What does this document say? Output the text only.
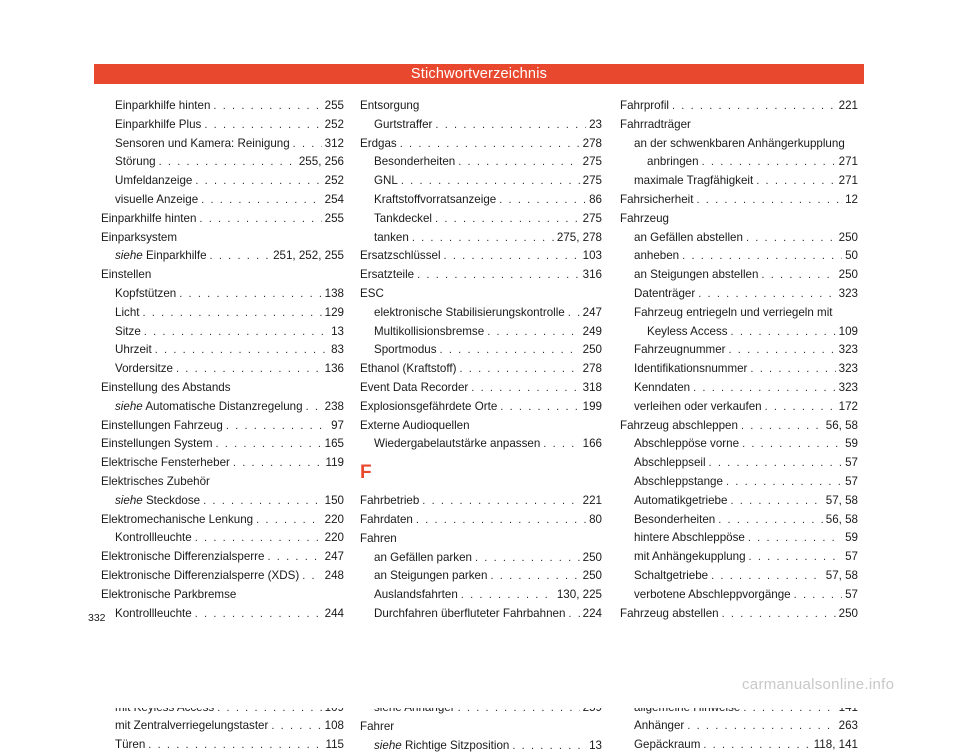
Stichwortverzeichnis
Einparkhilfe hinten . . .	255
Einparkhilfe Plus . . .	252
Sensoren und Kamera: Reinigung . . .	312
Störung . . .	255, 256
Umfeldanzeige . . .	252
visuelle Anzeige . . .	254
Einparkhilfe hinten . . .	255
Einparksystem
siehe Einparkhilfe . . .	251, 252, 255
Einstellen
Kopfstützen . . .	138
Licht . . .	129
Sitze . . .	13
Uhrzeit . . .	83
Vordersitze . . .	136
Einstellung des Abstands
siehe Automatische Distanzregelung . . . 238
Einstellungen Fahrzeug . . .	97
Einstellungen System . . .	165
Elektrische Fensterheber . . .	119
Elektrisches Zubehör
siehe Steckdose . . .	150
Elektromechanische Lenkung . . .	220
Kontrollleuchte . . .	220
Elektronische Differenzialsperre . . .	247
Elektronische Differenzialsperre (XDS) . . . 248
Elektronische Parkbremse
Kontrollleuchte . . .	244
. . .
. . .
. . .
. . .
mit Zentralverriegelungstaster . . .	108
Türen . . .	115
Entsorgung
Gurtstraffer . . .	23
Erdgas . . .	278
Besonderheiten . . .	275
GNL . . .	275
Kraftstoffvorratsanzeige . . .	86
Tankdeckel . . .	275
tanken . . .	275, 278
Ersatzschlüssel . . .	103
Ersatzteile . . .	316
ESC
elektronische Stabilisierungskontrolle . . . 247
Multikollisionsbremse . . .	249
Sportmodus . . .	250
Ethanol (Kraftstoff) . . .	278
Event Data Recorder . . .	318
Explosionsgefährdete Orte . . .	199
Externe Audioquellen
Wiedergabelautstärke anpassen . . .	166
F
Fahrbetrieb . . .	221
Fahrdaten . . .	80
Fahren
an Gefällen parken . . .	250
an Steigungen parken . . .	250
Auslandsfahrten . . .	130, 225
Durchfahren überfluteter Fahrbahnen . . . 224
. . .
. . .
. . .
. . .
Fahrer
siehe Richtige Sitzposition . . .	13
Fahrprofil . . .	221
Fahrradträger
an der schwenkbaren Anhängerkupplung
anbringen . . .	271
maximale Tragfähigkeit . . .	271
Fahrsicherheit . . .	12
Fahrzeug
an Gefällen abstellen . . .	250
anheben . . .	50
an Steigungen abstellen . . .	250
Datenträger . . .	323
Fahrzeug entriegeln und verriegeln mit
Keyless Access . . .	109
Fahrzeugnummer . . .	323
Identifikationsnummer . . .	323
Kenndaten . . .	323
verleihen oder verkaufen . . .	172
Fahrzeug abschleppen . . .	56, 58
Abschleppöse vorne . . .	59
Abschleppseil . . .	57
Abschleppstange . . .	57
Automatikgetriebe . . .	57, 58
Besonderheiten . . .	56, 58
hintere Abschleppöse . . .	59
mit Anhängekupplung . . .	57
Schaltgetriebe . . .	57, 58
verbotene Abschleppvorgänge . . .	57
Fahrzeug abstellen . . .	250
. . .
. . .
. . .
Anhänger . . .	263
Gepäckraum . . .	118, 141
332
carmanualsonline.info
